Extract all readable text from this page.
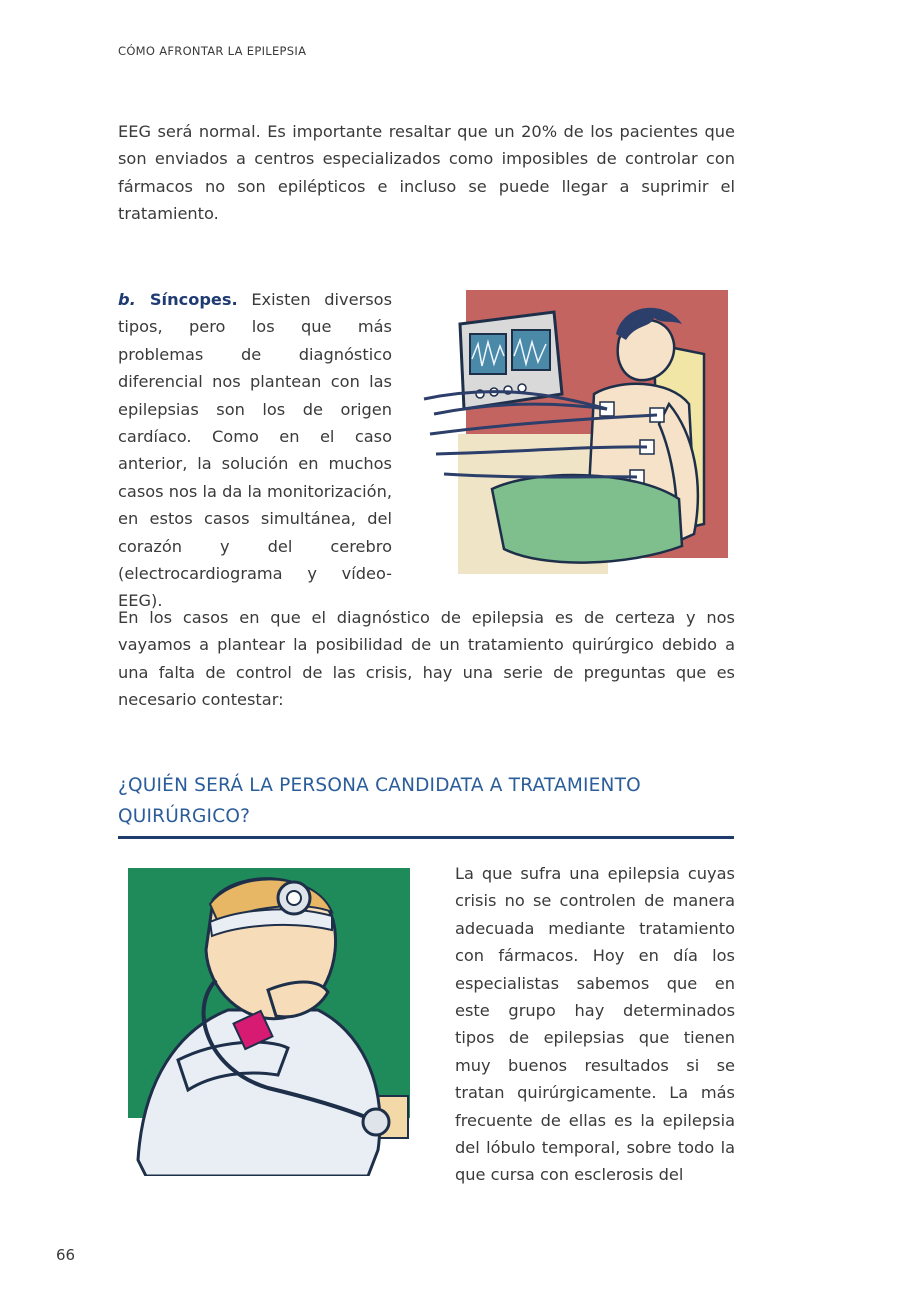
CÓMO AFRONTAR LA EPILEPSIA

EEG será normal. Es importante resaltar que un 20% de los pacientes que son enviados a centros especializados como imposibles de controlar con fármacos no son epilépticos e incluso se puede llegar a suprimir el tratamiento.

b. Síncopes. Existen diversos tipos, pero los que más problemas de diagnóstico diferencial nos plantean con las epilepsias son los de origen cardíaco. Como en el caso anterior, la solución en muchos casos nos la da la monitorización, en estos casos simultánea, del corazón y del cerebro (electrocardiograma y vídeo-EEG).

En los casos en que el diagnóstico de epilepsia es de certeza y nos vayamos a plantear la posibilidad de un tratamiento quirúrgico debido a una falta de control de las crisis, hay una serie de preguntas que es necesario contestar:

¿QUIÉN SERÁ LA PERSONA CANDIDATA A TRATAMIENTO QUIRÚRGICO?

La que sufra una epilepsia cuyas crisis no se controlen de manera adecuada mediante tratamiento con fármacos. Hoy en día los especialistas sabemos que en este grupo hay determinados tipos de epilepsias que tienen muy buenos resultados si se tratan quirúrgicamente. La más frecuente de ellas es la epilepsia del lóbulo temporal, sobre todo la que cursa con esclerosis del

66
